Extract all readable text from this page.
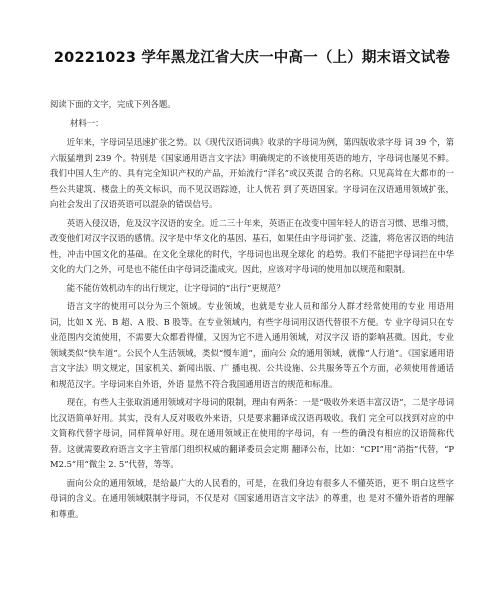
20221023 学年黑龙江省大庆一中高一（上）期末语文试卷
阅读下面的文字，完成下列各题。
材料一：

近年来，字母词呈迅速扩张之势。以《现代汉语词典》收录的字母词为例，第四版收录字母 词 39 个，第六版猛增到 239 个。特别是《国家通用语言文字法》明确规定的不该使用英语的地方，字母词也屡见不鲜。我们中国人生产的、具有完全知识产权的产品，开始流行“洋名”或汉英混 合的名称。只见高耸在大都市的一些公共建筑、楼盘上的英文标识，而不见汉语踪迹，让人恍若 到了英语国家。字母词在汉语通用领域扩张，向社会发出了汉语英语可以混杂的错误信号。

英语入侵汉语，危及汉字汉语的安全。近二三十年来，英语正在改变中国年轻人的语言习惯、思维习惯，改变他们对汉字汉语的感情。汉字是中华文化的基因、基石，如果任由字母词扩张、泛滥，将危害汉语的纯洁性，冲击中国文化的基础。在文化全球化的时代，字母词也出现全球化 的趋势。我们不能把字母词拦在中华文化的大门之外，可是也不能任由字母词泛滥成灾。因此，应该对字母词的使用加以规范和限制。

能不能仿效机动车的出行规定，让字母词的“出行”更规范？

语言文字的使用可以分为三个领域。专业领域，也就是专业人员和部分人群才经常使用的专业 用语用词，比如 X 光、B 超、A 股、B 股等。在专业领域内，有些字母词用汉语代替很不方便。专 业字母词只在专业范围内交流使用，不需要大众都看得懂，又因为它不进入通用领域，对汉字汉 语的影响甚微。因此，专业领域类似“快车道”。公民个人生活领域，类似“慢车道”，面向公 众的通用领域，就像“人行道”。《国家通用语言文字法》明文规定，国家机关、新闻出版、广 播电视、公共设施、公共服务等五个方面，必须使用普通话和规范汉字。字母词来自外语，外语 显然不符合我国通用语言的规范和标准。

现在，有些人主张取消通用领域对字母词的限制，理由有两条：一是“吸收外来语丰富汉语”，二是字母词比汉语简单好用。其实，没有人反对吸收外来语，只是要求翻译成汉语再吸收。我们 完全可以找到对应的中文简称代替字母词，同样简单好用。现在通用领域正在使用的字母词，有 一些的确没有相应的汉语简称代替。这就需要政府语言文字主管部门组织权威的翻译委员会定期 翻译公布，比如：“CPI”用“消指”代替，“PM2.5”用“微尘 2. 5”代替，等等。

面向公众的通用领域，是给最广大的人民看的，可是，在我们身边有很多人不懂英语，更不 明白这些字母词的含义。在通用领域限制字母词，不仅是对《国家通用语言文字法》的尊重，也 是对不懂外语者的理解和尊重。
